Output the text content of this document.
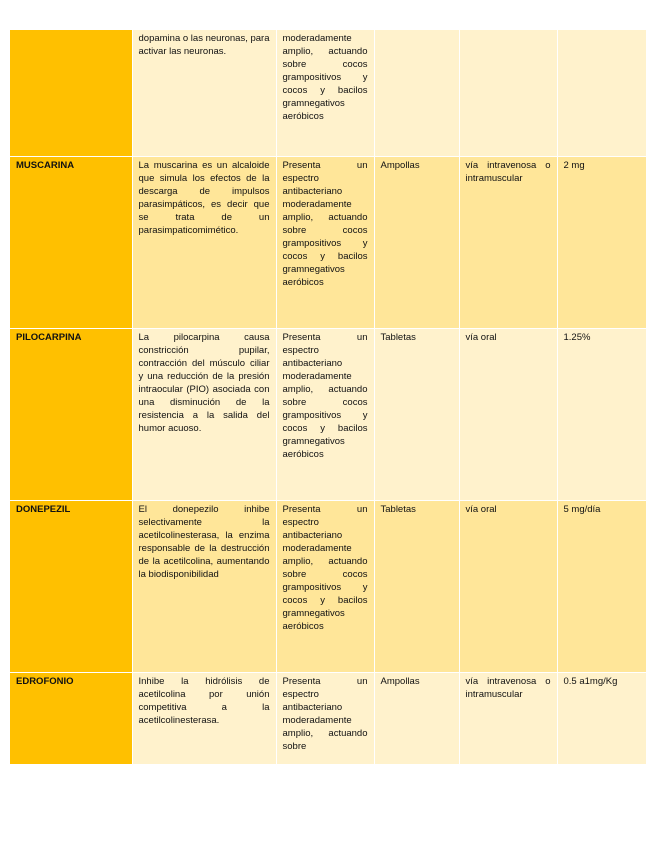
	dopamina o las neuronas, para activar las neuronas.	moderadamente amplio, actuando sobre cocos grampositivos y cocos y bacilos gramnegativos aeróbicos			
MUSCARINA	La muscarina es un alcaloide que simula los efectos de la descarga de impulsos parasimpáticos, es decir que se trata de un parasimpaticomimético.	Presenta un espectro antibacteriano moderadamente amplio, actuando sobre cocos grampositivos y cocos y bacilos gramnegativos aeróbicos	Ampollas	vía intravenosa o intramuscular	2 mg
PILOCARPINA	La pilocarpina causa constricción pupilar, contracción del músculo ciliar y una reducción de la presión intraocular (PIO) asociada con una disminución de la resistencia a la salida del humor acuoso.	Presenta un espectro antibacteriano moderadamente amplio, actuando sobre cocos grampositivos y cocos y bacilos gramnegativos aeróbicos	Tabletas	vía oral	1.25%
DONEPEZIL	El donepezilo inhibe selectivamente la acetilcolinesterasa, la enzima responsable de la destrucción de la acetilcolina, aumentando la biodisponibilidad	Presenta un espectro antibacteriano moderadamente amplio, actuando sobre cocos grampositivos y cocos y bacilos gramnegativos aeróbicos	Tabletas	vía oral	5 mg/día
EDROFONIO	Inhibe la hidrólisis de acetilcolina por unión competitiva a la acetilcolinesterasa.	Presenta un espectro antibacteriano moderadamente amplio, actuando sobre	Ampollas	vía intravenosa o intramuscular	0.5 a1mg/Kg
